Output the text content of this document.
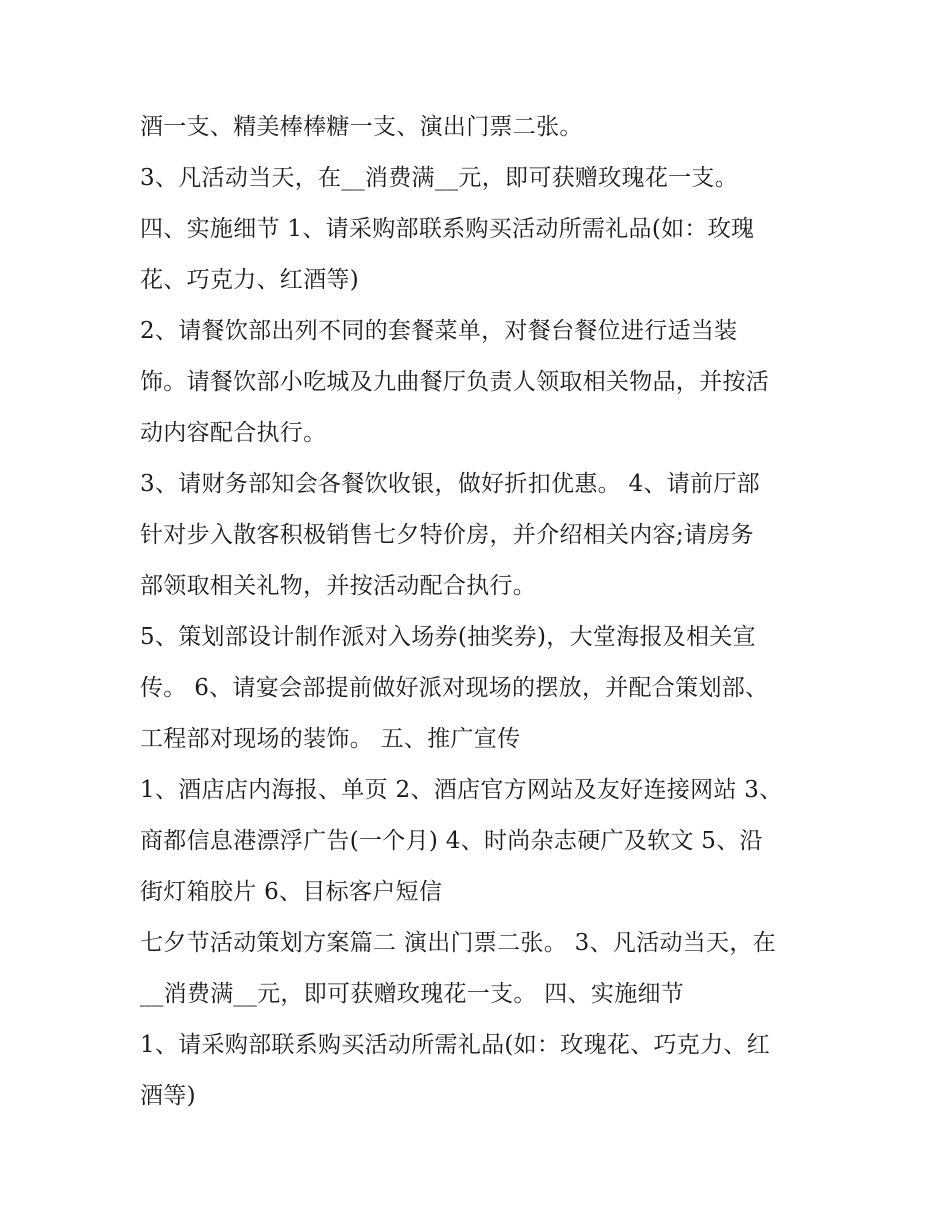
酒一支、精美棒棒糖一支、演出门票二张。
3、凡活动当天，在__消费满__元，即可获赠玫瑰花一支。
四、实施细节 1、请采购部联系购买活动所需礼品(如：玫瑰
花、巧克力、红酒等)
2、请餐饮部出列不同的套餐菜单，对餐台餐位进行适当装
饰。请餐饮部小吃城及九曲餐厅负责人领取相关物品，并按活
动内容配合执行。
3、请财务部知会各餐饮收银，做好折扣优惠。 4、请前厅部
针对步入散客积极销售七夕特价房，并介绍相关内容;请房务
部领取相关礼物，并按活动配合执行。
5、策划部设计制作派对入场券(抽奖券)，大堂海报及相关宣
传。 6、请宴会部提前做好派对现场的摆放，并配合策划部、
工程部对现场的装饰。 五、推广宣传
1、酒店店内海报、单页 2、酒店官方网站及友好连接网站 3、
商都信息港漂浮广告(一个月) 4、时尚杂志硬广及软文 5、沿
街灯箱胶片 6、目标客户短信
七夕节活动策划方案篇二 演出门票二张。 3、凡活动当天，在
__消费满__元，即可获赠玫瑰花一支。 四、实施细节
1、请采购部联系购买活动所需礼品(如：玫瑰花、巧克力、红
酒等)
